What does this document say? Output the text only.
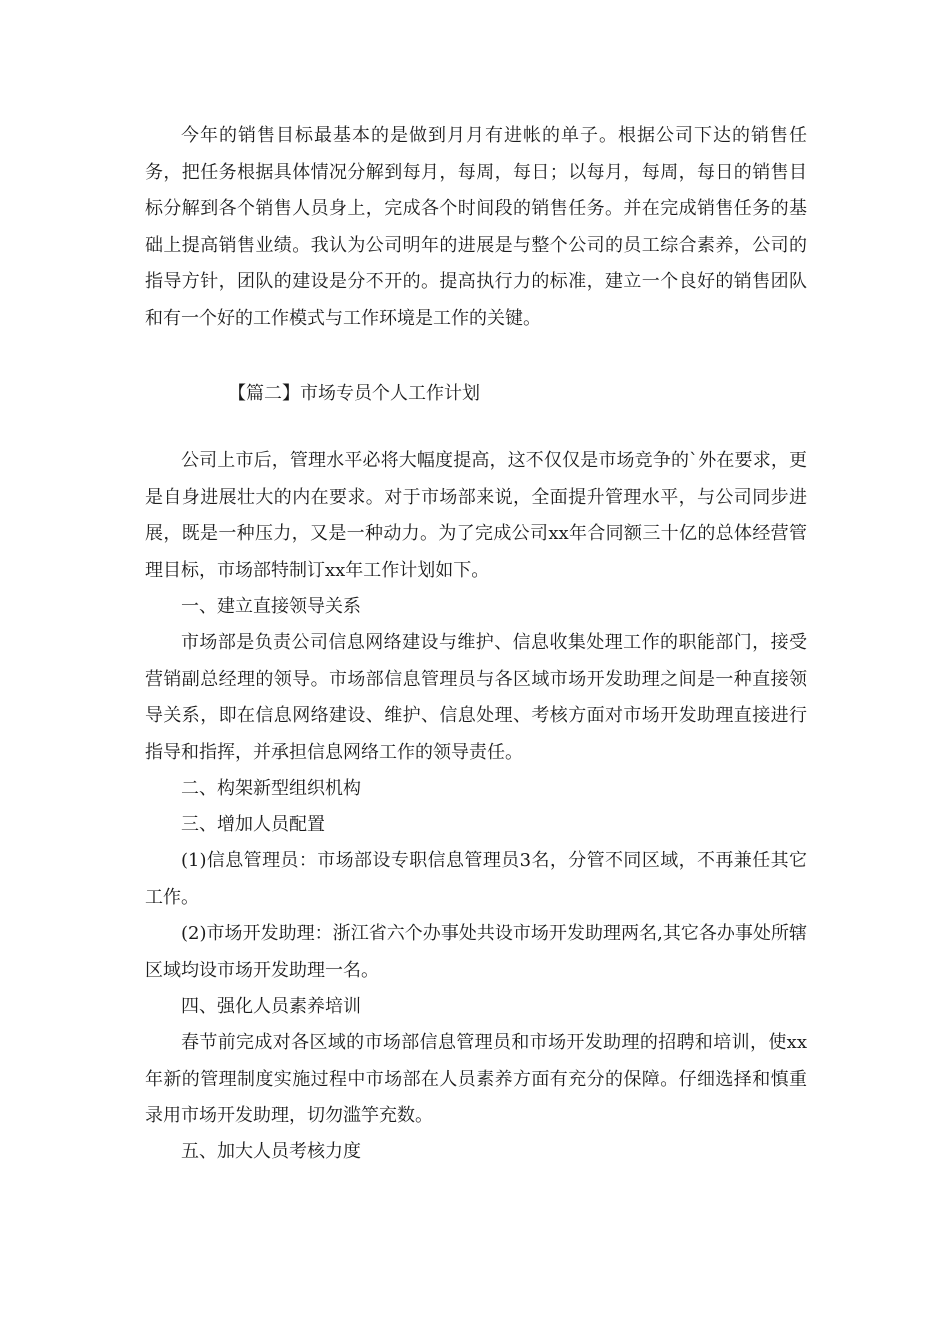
今年的销售目标最基本的是做到月月有进帐的单子。根据公司下达的销售任务，把任务根据具体情况分解到每月，每周，每日；以每月，每周，每日的销售目标分解到各个销售人员身上，完成各个时间段的销售任务。并在完成销售任务的基础上提高销售业绩。我认为公司明年的进展是与整个公司的员工综合素养，公司的指导方针，团队的建设是分不开的。提高执行力的标准，建立一个良好的销售团队和有一个好的工作模式与工作环境是工作的关键。

【篇二】市场专员个人工作计划

公司上市后，管理水平必将大幅度提高，这不仅仅是市场竞争的`外在要求，更是自身进展壮大的内在要求。对于市场部来说，全面提升管理水平，与公司同步进展，既是一种压力，又是一种动力。为了完成公司xx年合同额三十亿的总体经营管理目标，市场部特制订xx年工作计划如下。

一、建立直接领导关系

市场部是负责公司信息网络建设与维护、信息收集处理工作的职能部门，接受营销副总经理的领导。市场部信息管理员与各区域市场开发助理之间是一种直接领导关系，即在信息网络建设、维护、信息处理、考核方面对市场开发助理直接进行指导和指挥，并承担信息网络工作的领导责任。

二、构架新型组织机构

三、增加人员配置

(1)信息管理员：市场部设专职信息管理员3名，分管不同区域，不再兼任其它工作。

(2)市场开发助理：浙江省六个办事处共设市场开发助理两名,其它各办事处所辖区域均设市场开发助理一名。

四、强化人员素养培训

春节前完成对各区域的市场部信息管理员和市场开发助理的招聘和培训，使xx年新的管理制度实施过程中市场部在人员素养方面有充分的保障。仔细选择和慎重录用市场开发助理，切勿滥竽充数。

五、加大人员考核力度
